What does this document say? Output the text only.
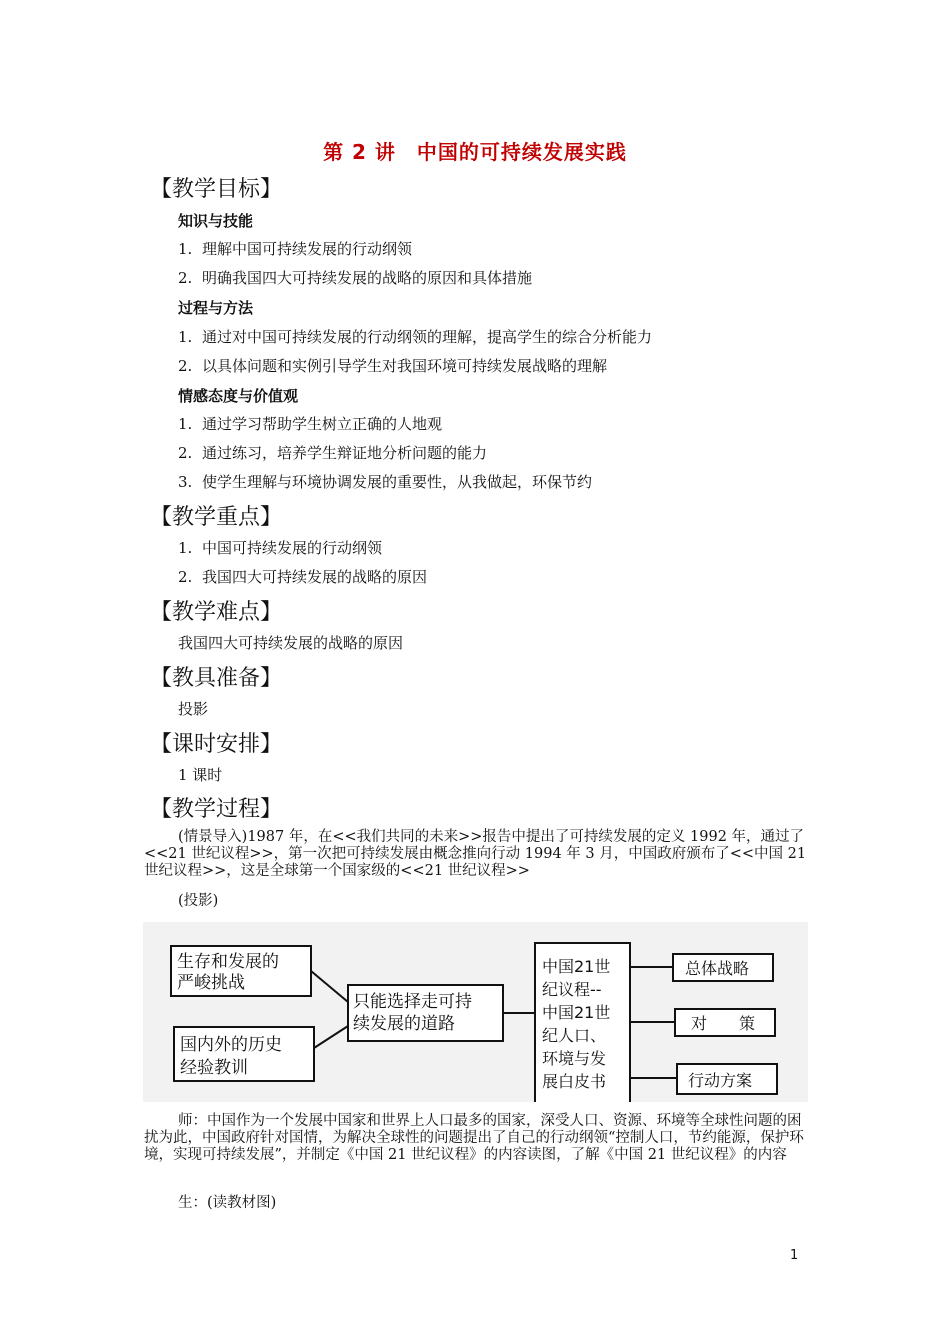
第 2 讲　中国的可持续发展实践
【教学目标】
知识与技能
1. 理解中国可持续发展的行动纲领
2. 明确我国四大可持续发展的战略的原因和具体措施
过程与方法
1. 通过对中国可持续发展的行动纲领的理解，提高学生的综合分析能力
2. 以具体问题和实例引导学生对我国环境可持续发展战略的理解
情感态度与价值观
1. 通过学习帮助学生树立正确的人地观
2. 通过练习，培养学生辩证地分析问题的能力
3. 使学生理解与环境协调发展的重要性，从我做起，环保节约
【教学重点】
1. 中国可持续发展的行动纲领
2. 我国四大可持续发展的战略的原因
【教学难点】
我国四大可持续发展的战略的原因
【教具准备】
投影
【课时安排】
1 课时
【教学过程】
(情景导入)1987 年，在<<我们共同的未来>>报告中提出了可持续发展的定义 1992 年，通过了<<21 世纪议程>>，第一次把可持续发展由概念推向行动 1994 年 3 月，中国政府颁布了<<中国 21 世纪议程>>，这是全球第一个国家级的<<21 世纪议程>>
(投影)
生存和发展的
严峻挑战
国内外的历史
经验教训
只能选择走可持
续发展的道路
中国21世
纪议程--
中国21世
纪人口、
环境与发
展白皮书
总体战略
对　　策
行动方案
师：中国作为一个发展中国家和世界上人口最多的国家，深受人口、资源、环境等全球性问题的困扰为此，中国政府针对国情，为解决全球性的问题提出了自己的行动纲领“控制人口，节约能源，保护环境，实现可持续发展”，并制定《中国 21 世纪议程》的内容读图，了解《中国 21 世纪议程》的内容
生：(读教材图)
1
